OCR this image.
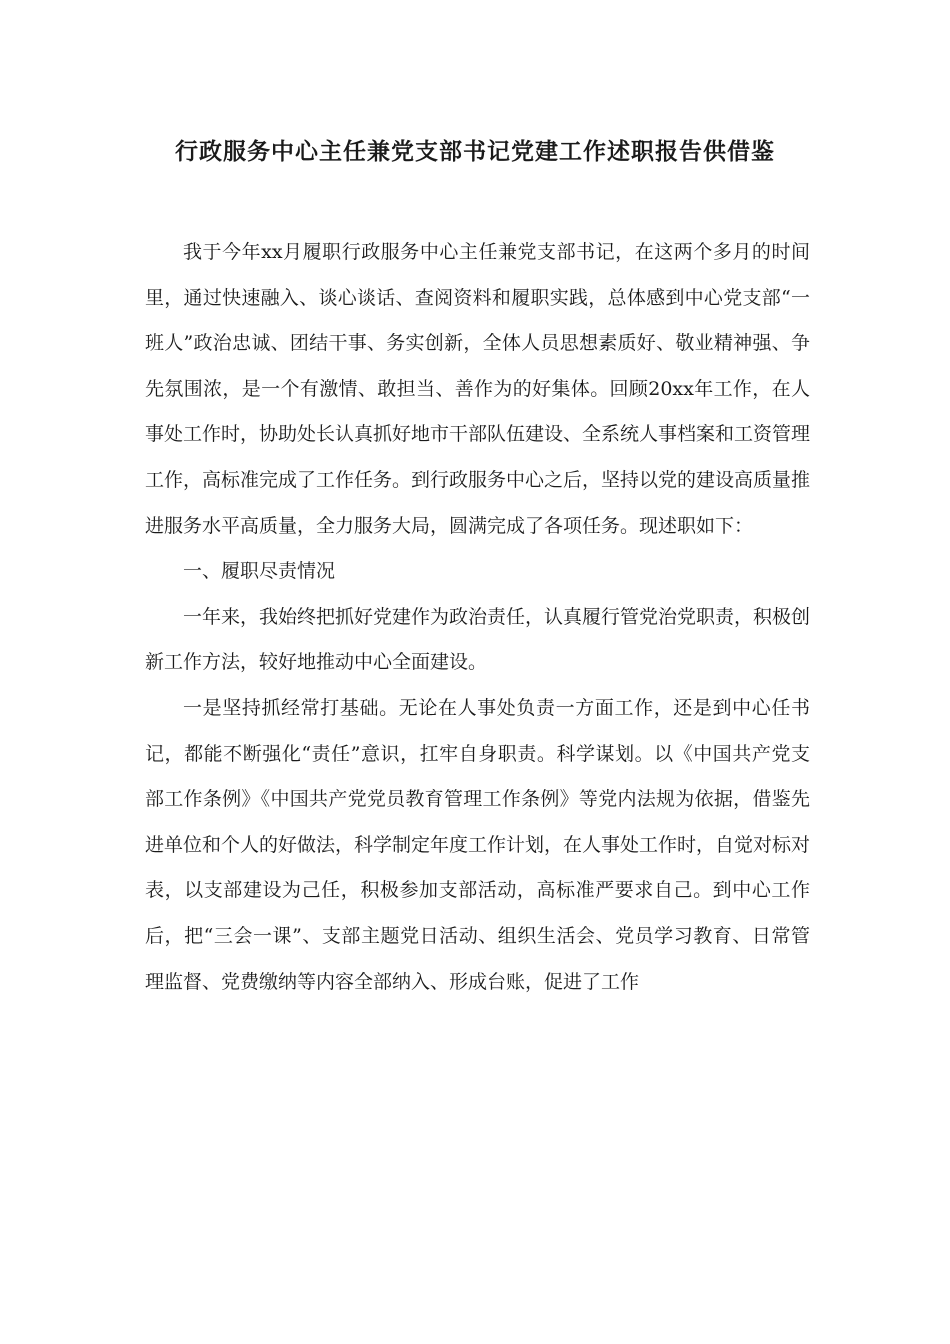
行政服务中心主任兼党支部书记党建工作述职报告供借鉴

我于今年xx月履职行政服务中心主任兼党支部书记，在这两个多月的时间里，通过快速融入、谈心谈话、查阅资料和履职实践，总体感到中心党支部“一班人”政治忠诚、团结干事、务实创新，全体人员思想素质好、敬业精神强、争先氛围浓，是一个有激情、敢担当、善作为的好集体。回顾20xx年工作，在人事处工作时，协助处长认真抓好地市干部队伍建设、全系统人事档案和工资管理工作，高标准完成了工作任务。到行政服务中心之后，坚持以党的建设高质量推进服务水平高质量，全力服务大局，圆满完成了各项任务。现述职如下：

一、履职尽责情况

一年来，我始终把抓好党建作为政治责任，认真履行管党治党职责，积极创新工作方法，较好地推动中心全面建设。

一是坚持抓经常打基础。无论在人事处负责一方面工作，还是到中心任书记，都能不断强化“责任”意识，扛牢自身职责。科学谋划。以《中国共产党支部工作条例》《中国共产党党员教育管理工作条例》等党内法规为依据，借鉴先进单位和个人的好做法，科学制定年度工作计划，在人事处工作时，自觉对标对表，以支部建设为己任，积极参加支部活动，高标准严要求自己。到中心工作后，把“三会一课”、支部主题党日活动、组织生活会、党员学习教育、日常管理监督、党费缴纳等内容全部纳入、形成台账，促进了工作
